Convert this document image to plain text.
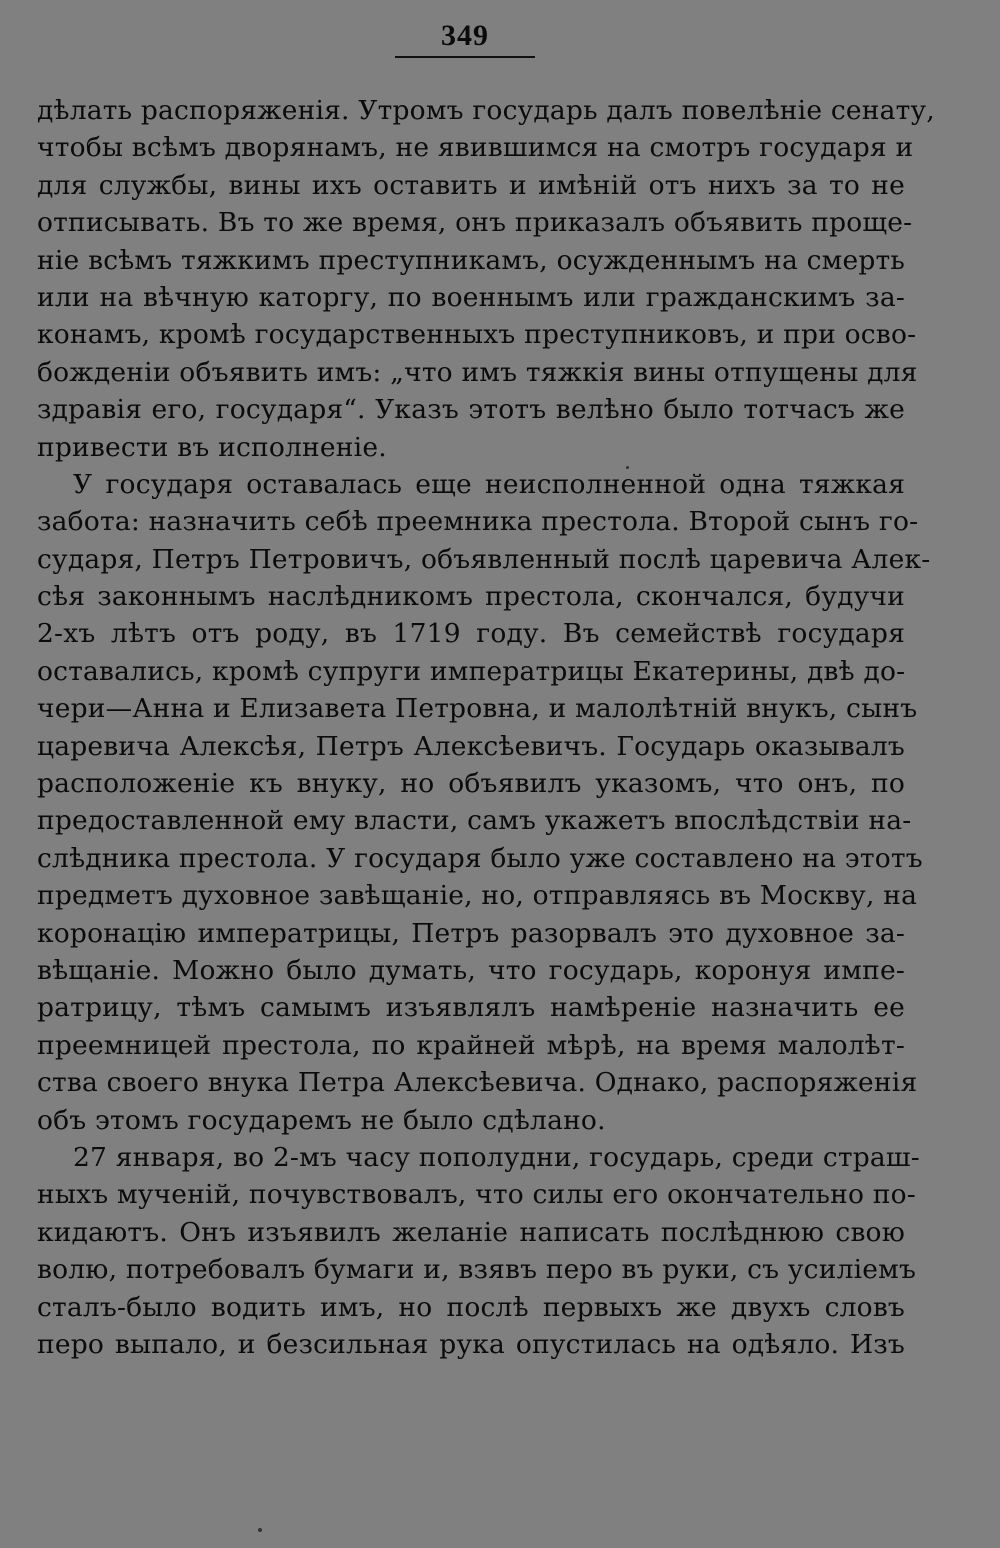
349
дѣлать распоряженія. Утромъ государь далъ повелѣніе сенату,
чтобы всѣмъ дворянамъ, не явившимся на смотръ государя и
для службы, вины ихъ оставить и имѣній отъ нихъ за то не
отписывать. Въ то же время, онъ приказалъ объявить проще-
ніе всѣмъ тяжкимъ преступникамъ, осужденнымъ на смерть
или на вѣчную каторгу, по военнымъ или гражданскимъ за-
конамъ, кромѣ государственныхъ преступниковъ, и при осво-
божденіи объявить имъ: „что имъ тяжкія вины отпущены для
здравія его, государя“. Указъ этотъ велѣно было тотчасъ же
привести въ исполненіе.
У государя оставалась еще неисполненной одна тяжкая
забота: назначить себѣ преемника престола. Второй сынъ го-
сударя, Петръ Петровичъ, объявленный послѣ царевича Алек-
сѣя законнымъ наслѣдникомъ престола, скончался, будучи
2-хъ лѣтъ отъ роду, въ 1719 году. Въ семействѣ государя
оставались, кромѣ супруги императрицы Екатерины, двѣ до-
чери—Анна и Елизавета Петровна, и малолѣтній внукъ, сынъ
царевича Алексѣя, Петръ Алексѣевичъ. Государь оказывалъ
расположеніе къ внуку, но объявилъ указомъ, что онъ, по
предоставленной ему власти, самъ укажетъ впослѣдствіи на-
слѣдника престола. У государя было уже составлено на этотъ
предметъ духовное завѣщаніе, но, отправляясь въ Москву, на
коронацію императрицы, Петръ разорвалъ это духовное за-
вѣщаніе. Можно было думать, что государь, коронуя импе-
ратрицу, тѣмъ самымъ изъявлялъ намѣреніе назначить ее
преемницей престола, по крайней мѣрѣ, на время малолѣт-
ства своего внука Петра Алексѣевича. Однако, распоряженія
объ этомъ государемъ не было сдѣлано.
27 января, во 2-мъ часу пополудни, государь, среди страш-
ныхъ мученій, почувствовалъ, что силы его окончательно по-
кидаютъ. Онъ изъявилъ желаніе написать послѣднюю свою
волю, потребовалъ бумаги и, взявъ перо въ руки, съ усиліемъ
сталъ-было водить имъ, но послѣ первыхъ же двухъ словъ
перо выпало, и безсильная рука опустилась на одѣяло. Изъ
